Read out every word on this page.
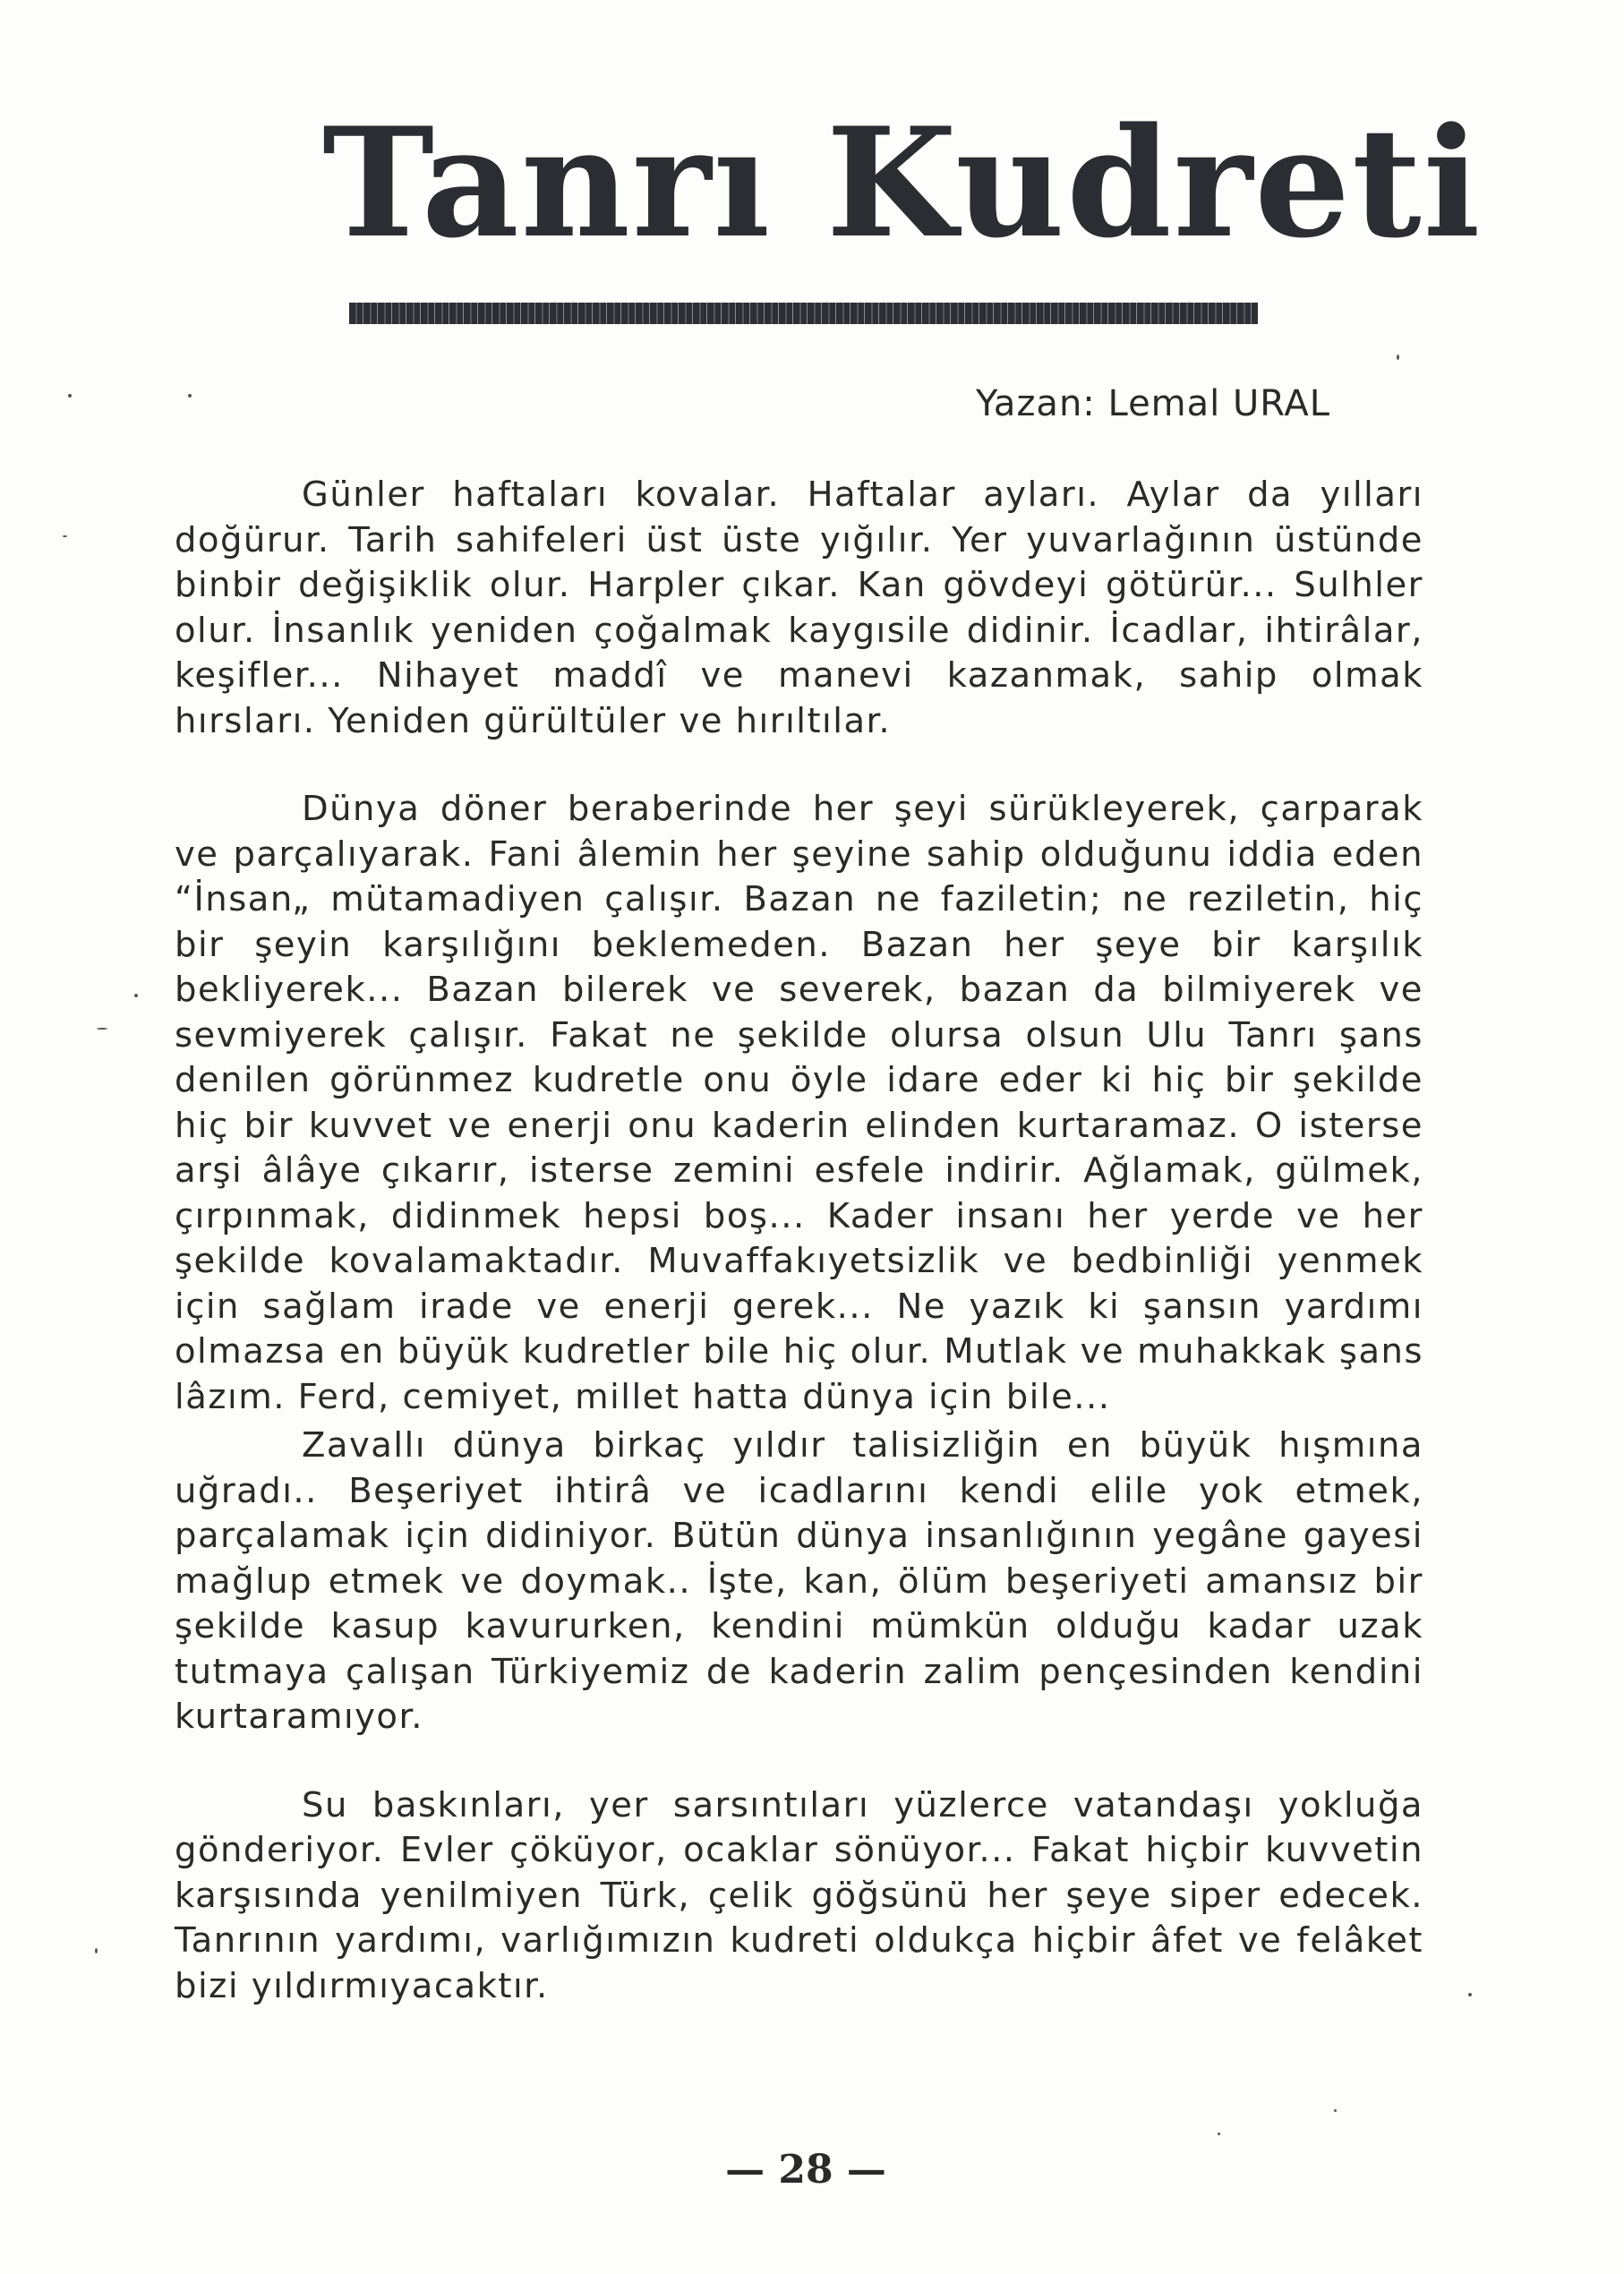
Tanrı Kudreti
Yazan: Lemal URAL

Günler haftaları kovalar. Haftalar ayları. Aylar da yılları doğürur. Tarih sahifeleri üst üste yığılır. Yer yuvarlağının üstünde binbir değişiklik olur. Harpler çıkar. Kan gövdeyi götürür... Sulhler olur. İnsanlık yeniden çoğalmak kaygısile didinir. İcadlar, ihtirâlar, keşifler... Nihayet maddî ve manevi kazanmak, sahip olmak hırsları. Yeniden gürültüler ve hırıltılar.

Dünya döner beraberinde her şeyi sürükleyerek, çarparak ve parçalıyarak. Fani âlemin her şeyine sahip olduğunu iddia eden “İnsan„ mütamadiyen çalışır. Bazan ne faziletin; ne reziletin, hiç bir şeyin karşılığını beklemeden. Bazan her şeye bir karşılık bekliyerek... Bazan bilerek ve severek, bazan da bilmiyerek ve sevmiyerek çalışır. Fakat ne şekilde olursa olsun Ulu Tanrı şans denilen görünmez kudretle onu öyle idare eder ki hiç bir şekilde hiç bir kuvvet ve enerji onu kaderin elinden kurtaramaz. O isterse arşi âlâye çıkarır, isterse zemini esfele indirir. Ağlamak, gülmek, çırpınmak, didinmek hepsi boş... Kader insanı her yerde ve her şekilde kovalamaktadır. Muvaffakıyetsizlik ve bedbinliği yenmek için sağlam irade ve enerji gerek... Ne yazık ki şansın yardımı olmazsa en büyük kudretler bile hiç olur. Mutlak ve muhakkak şans lâzım. Ferd, cemiyet, millet hatta dünya için bile...

Zavallı dünya birkaç yıldır talisizliğin en büyük hışmına uğradı.. Beşeriyet ihtirâ ve icadlarını kendi elile yok etmek, parçalamak için didiniyor. Bütün dünya insanlığının yegâne gayesi mağlup etmek ve doymak.. İşte, kan, ölüm beşeriyeti amansız bir şekilde kasup kavururken, kendini mümkün olduğu kadar uzak tutmaya çalışan Türkiyemiz de kaderin zalim pençesinden kendini kurtaramıyor.

Su baskınları, yer sarsıntıları yüzlerce vatandaşı yokluğa gönderiyor. Evler çöküyor, ocaklar sönüyor... Fakat hiçbir kuvvetin karşısında yenilmiyen Türk, çelik göğsünü her şeye siper edecek. Tanrının yardımı, varlığımızın kudreti oldukça hiçbir âfet ve felâket bizi yıldırmıyacaktır.

— 28 —
